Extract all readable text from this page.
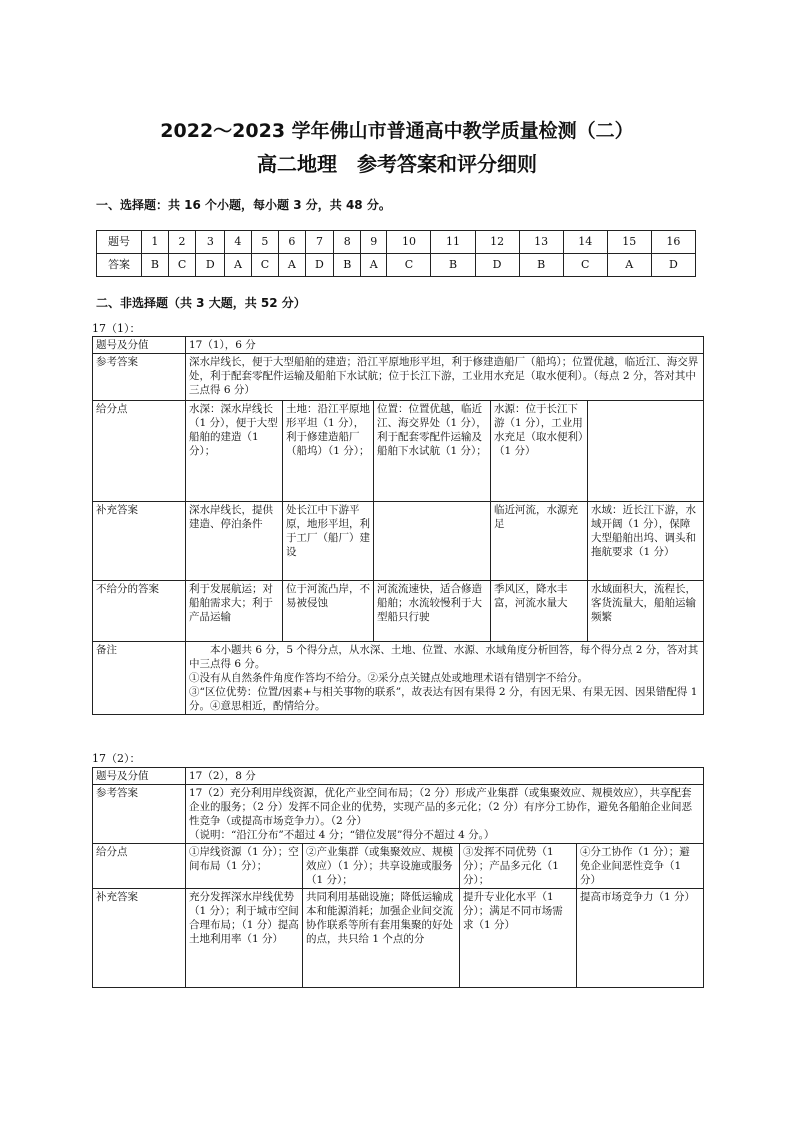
2022～2023 学年佛山市普通高中教学质量检测（二）
高二地理　参考答案和评分细则
一、选择题：共 16 个小题，每小题 3 分，共 48 分。
题号	1	2	3	4	5	6	7	8	9	10	11	12	13	14	15	16
答案	B	C	D	A	C	A	D	B	A	C	B	D	B	C	A	D
二、非选择题（共 3 大题，共 52 分）
17（1）：
题号及分值	17（1），6 分				
参考答案	深水岸线长，便于大型船舶的建造；沿江平原地形平坦，利于修建造船厂（船坞）；位置优越，临近江、海交界处，利于配套零配件运输及船舶下水试航；位于长江下游，工业用水充足（取水便利）。（每点 2 分，答对其中三点得 6 分）				
给分点	水深：深水岸线长（1 分），便于大型船舶的建造（1 分）；	土地：沿江平原地形平坦（1 分），利于修建造船厂（船坞）（1 分）；	位置：位置优越，临近江、海交界处（1 分），利于配套零配件运输及船舶下水试航（1 分）；	水源：位于长江下游（1 分），工业用水充足（取水便利）（1 分）	
补充答案	深水岸线长，提供建造、停泊条件	处长江中下游平原，地形平坦，利于工厂（船厂）建设		临近河流，水源充足	水域：近长江下游，水域开阔（1 分），保障大型船舶出坞、调头和拖航要求（1 分）
不给分的答案	利于发展航运；对船舶需求大；利于产品运输	位于河流凸岸，不易被侵蚀	河流流速快，适合修造船舶；水流较慢利于大型船只行驶	季风区，降水丰富，河流水量大	水域面积大，流程长，客货流量大，船舶运输频繁
备注	本小题共 6 分，5 个得分点，从水深、土地、位置、水源、水域角度分析回答，每个得分点 2 分，答对其中三点得 6 分。
①没有从自然条件角度作答均不给分。②采分点关键点处或地理术语有错别字不给分。
③“区位优势：位置/因素+与相关事物的联系”，故表达有因有果得 2 分，有因无果、有果无因、因果错配得 1 分。④意思相近，酌情给分。				
17（2）：
题号及分值	17（2），8 分			
参考答案	17（2）充分利用岸线资源，优化产业空间布局；（2 分）形成产业集群（或集聚效应、规模效应），共享配套企业的服务；（2 分）发挥不同企业的优势，实现产品的多元化；（2 分）有序分工协作，避免各船舶企业间恶性竞争（或提高市场竞争力）。（2 分）
（说明：“沿江分布”不超过 4 分；“错位发展”得分不超过 4 分。）			

给分点	①岸线资源（1 分）；空间布局（1 分）；	②产业集群（或集聚效应、规模效应）（1 分）；共享设施或服务（1 分）；	③发挥不同优势（1 分）；产品多元化（1 分）；	④分工协作（1 分）；避免企业间恶性竞争（1 分）
补充答案	充分发挥深水岸线优势（1 分）；利于城市空间合理布局；（1 分）提高土地利用率（1 分）	共同利用基础设施；降低运输成本和能源消耗；加强企业间交流协作联系等所有套用集聚的好处的点，共只给 1 个点的分	提升专业化水平（1 分）；满足不同市场需求（1 分）	提高市场竞争力（1 分）
